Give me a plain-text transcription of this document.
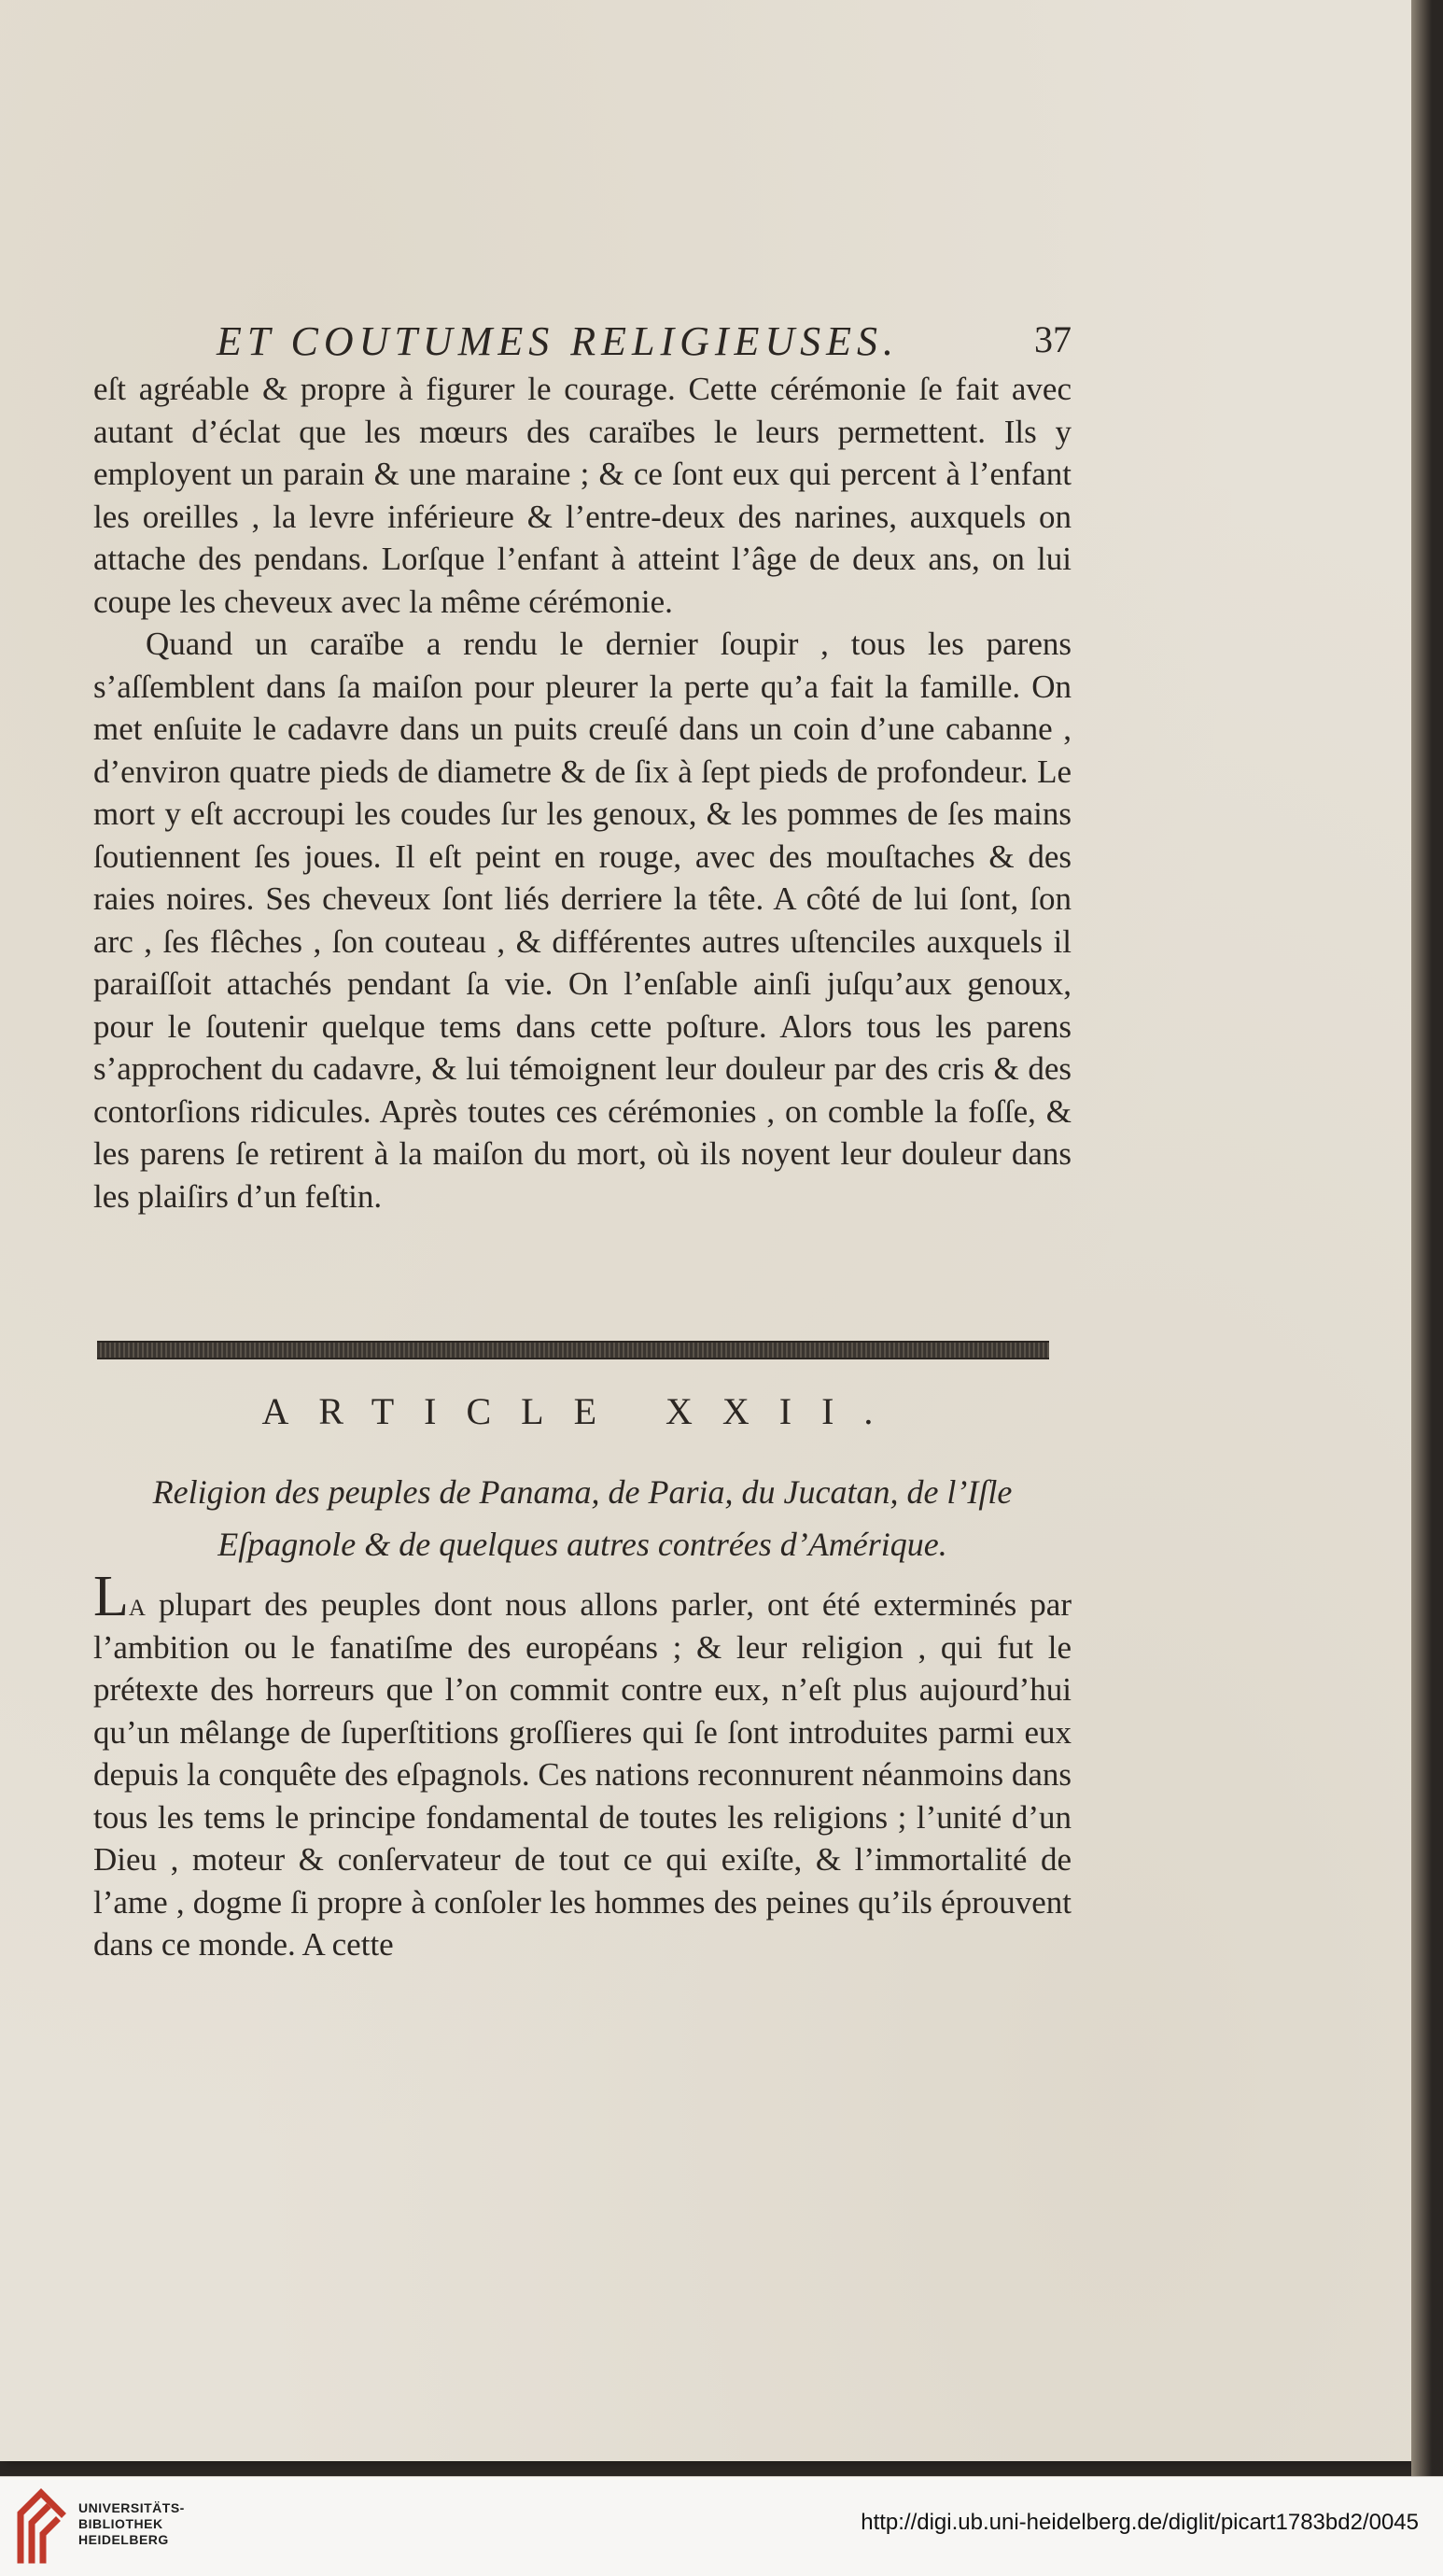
ET COUTUMES RELIGIEUSES.	37

eſt agréable & propre à figurer le courage. Cette cérémonie ſe fait avec autant d’éclat que les mœurs des caraïbes le leurs permettent. Ils y employent un parain & une maraine ; & ce ſont eux qui percent à l’enfant les oreilles , la levre inférieure & l’entre-deux des narines, auxquels on attache des pendans. Lorſque l’enfant à atteint l’âge de deux ans, on lui coupe les cheveux avec la même cérémonie.

Quand un caraïbe a rendu le dernier ſoupir , tous les parens s’aſſemblent dans ſa maiſon pour pleurer la perte qu’a fait la famille. On met enſuite le cadavre dans un puits creuſé dans un coin d’une cabanne , d’environ quatre pieds de diametre & de ſix à ſept pieds de profondeur. Le mort y eſt accroupi les coudes ſur les genoux, & les pommes de ſes mains ſoutiennent ſes joues. Il eſt peint en rouge, avec des mouſtaches & des raies noires. Ses cheveux ſont liés derriere la tête. A côté de lui ſont, ſon arc , ſes flêches , ſon couteau , & différentes autres uſtenciles auxquels il paraiſſoit attachés pendant ſa vie. On l’enſable ainſi juſqu’aux genoux, pour le ſoutenir quelque tems dans cette poſture. Alors tous les parens s’approchent du cadavre, & lui témoignent leur douleur par des cris & des contorſions ridicules. Après toutes ces cérémonies , on comble la foſſe, & les parens ſe retirent à la maiſon du mort, où ils noyent leur douleur dans les plaiſirs d’un feſtin.

ARTICLE XXII.
Religion des peuples de Panama, de Paria, du Jucatan, de l’Iſle
Eſpagnole & de quelques autres contrées d’Amérique.

La plupart des peuples dont nous allons parler, ont été exterminés par l’ambition ou le fanatiſme des européans ; & leur religion , qui fut le prétexte des horreurs que l’on commit contre eux, n’eſt plus aujourd’hui qu’un mêlange de ſuperſtitions groſſieres qui ſe ſont introduites parmi eux depuis la conquête des eſpagnols. Ces nations reconnurent néanmoins dans tous les tems le principe fondamental de toutes les religions ; l’unité d’un Dieu , moteur & conſervateur de tout ce qui exiſte, & l’immortalité de l’ame , dogme ſi propre à conſoler les hommes des peines qu’ils éprouvent dans ce monde. A cette

UNIVERSITÄTS-
BIBLIOTHEK
HEIDELBERG
http://digi.ub.uni-heidelberg.de/diglit/picart1783bd2/0045
